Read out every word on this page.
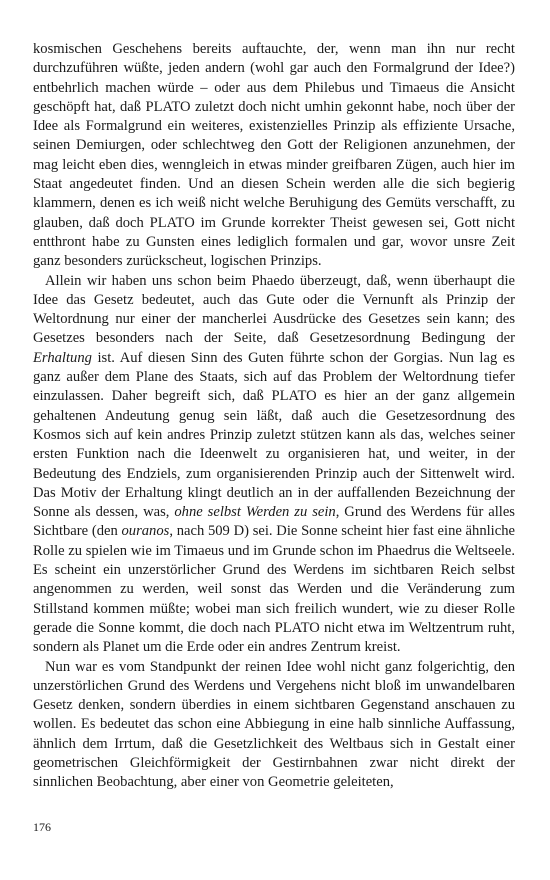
kosmischen Geschehens bereits auftauchte, der, wenn man ihn nur recht durchzuführen wüßte, jeden andern (wohl gar auch den Formalgrund der Idee?) entbehrlich machen würde – oder aus dem Philebus und Timaeus die Ansicht geschöpft hat, daß PLATO zuletzt doch nicht umhin gekonnt habe, noch über der Idee als Formalgrund ein weiteres, existenzielles Prinzip als effiziente Ursache, seinen Demiurgen, oder schlechtweg den Gott der Religionen anzunehmen, der mag leicht eben dies, wenngleich in etwas minder greifbaren Zügen, auch hier im Staat angedeutet finden. Und an diesen Schein werden alle die sich begierig klammern, denen es ich weiß nicht welche Beruhigung des Gemüts verschafft, zu glauben, daß doch PLATO im Grunde korrekter Theist gewesen sei, Gott nicht entthront habe zu Gunsten eines lediglich formalen und gar, wovor unsre Zeit ganz besonders zurückscheut, logischen Prinzips.

Allein wir haben uns schon beim Phaedo überzeugt, daß, wenn überhaupt die Idee das Gesetz bedeutet, auch das Gute oder die Vernunft als Prinzip der Weltordnung nur einer der mancherlei Ausdrücke des Gesetzes sein kann; des Gesetzes besonders nach der Seite, daß Gesetzesordnung Bedingung der Erhaltung ist. Auf diesen Sinn des Guten führte schon der Gorgias. Nun lag es ganz außer dem Plane des Staats, sich auf das Problem der Weltordnung tiefer einzulassen. Daher begreift sich, daß PLATO es hier an der ganz allgemein gehaltenen Andeutung genug sein läßt, daß auch die Gesetzesordnung des Kosmos sich auf kein andres Prinzip zuletzt stützen kann als das, welches seiner ersten Funktion nach die Ideenwelt zu organisieren hat, und weiter, in der Bedeutung des Endziels, zum organisierenden Prinzip auch der Sittenwelt wird. Das Motiv der Erhaltung klingt deutlich an in der auffallenden Bezeichnung der Sonne als dessen, was, ohne selbst Werden zu sein, Grund des Werdens für alles Sichtbare (den ouranos, nach 509 D) sei. Die Sonne scheint hier fast eine ähnliche Rolle zu spielen wie im Timaeus und im Grunde schon im Phaedrus die Weltseele. Es scheint ein unzerstörlicher Grund des Werdens im sichtbaren Reich selbst angenommen zu werden, weil sonst das Werden und die Veränderung zum Stillstand kommen müßte; wobei man sich freilich wundert, wie zu dieser Rolle gerade die Sonne kommt, die doch nach PLATO nicht etwa im Weltzentrum ruht, sondern als Planet um die Erde oder ein andres Zentrum kreist.

Nun war es vom Standpunkt der reinen Idee wohl nicht ganz folgerichtig, den unzerstörlichen Grund des Werdens und Vergehens nicht bloß im unwandelbaren Gesetz denken, sondern überdies in einem sichtbaren Gegenstand anschauen zu wollen. Es bedeutet das schon eine Abbiegung in eine halb sinnliche Auffassung, ähnlich dem Irrtum, daß die Gesetzlichkeit des Weltbaus sich in Gestalt einer geometrischen Gleichförmigkeit der Gestirnbahnen zwar nicht direkt der sinnlichen Beobachtung, aber einer von Geometrie geleiteten,

176
